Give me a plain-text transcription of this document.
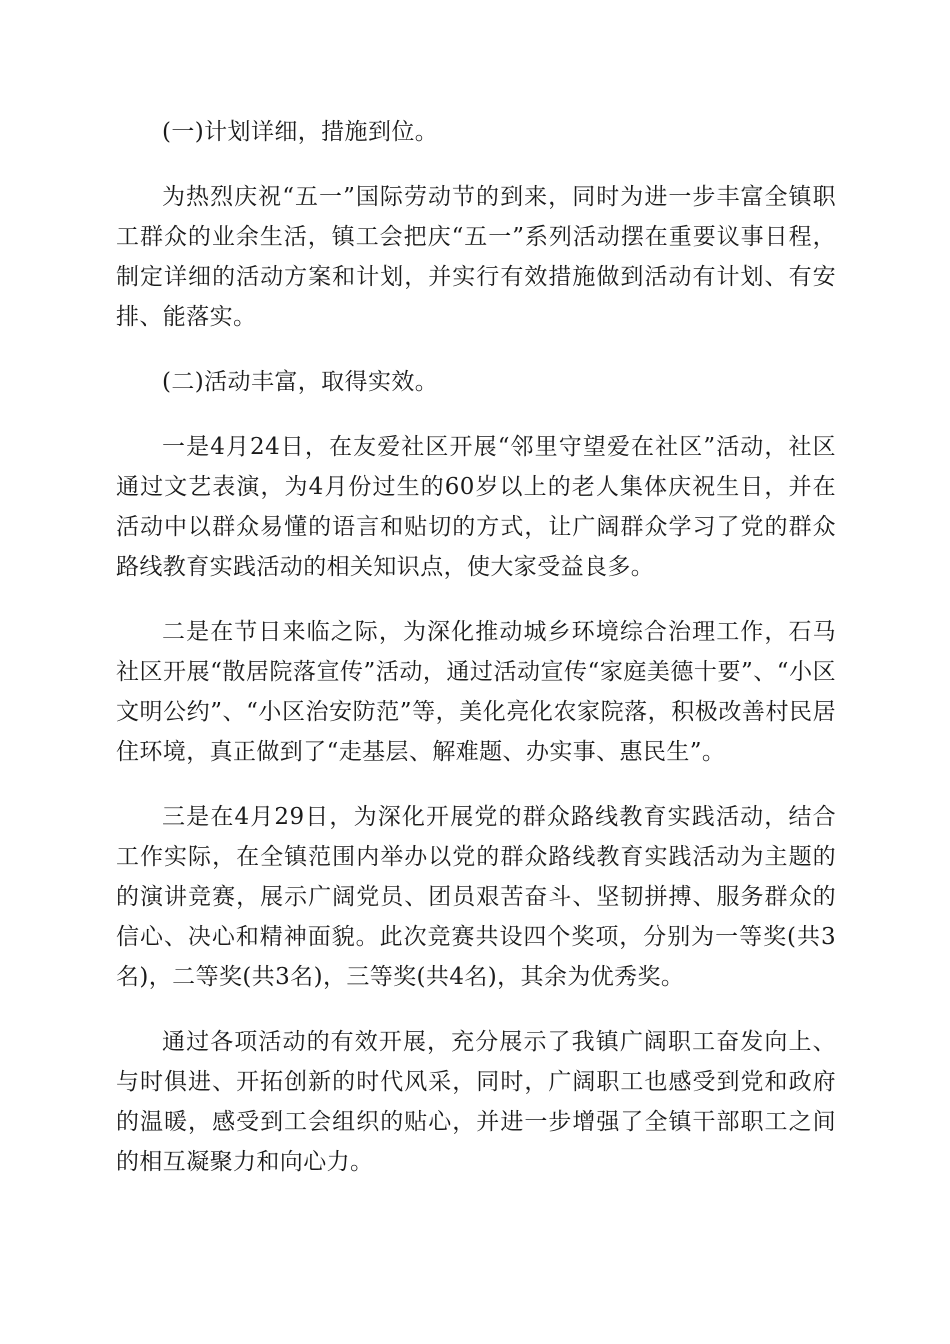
(一)计划详细，措施到位。

为热烈庆祝“五一”国际劳动节的到来，同时为进一步丰富全镇职工群众的业余生活，镇工会把庆“五一”系列活动摆在重要议事日程，制定详细的活动方案和计划，并实行有效措施做到活动有计划、有安排、能落实。

(二)活动丰富，取得实效。

一是4月24日，在友爱社区开展“邻里守望爱在社区”活动，社区通过文艺表演，为4月份过生的60岁以上的老人集体庆祝生日，并在活动中以群众易懂的语言和贴切的方式，让广阔群众学习了党的群众路线教育实践活动的相关知识点，使大家受益良多。

二是在节日来临之际，为深化推动城乡环境综合治理工作，石马社区开展“散居院落宣传”活动，通过活动宣传“家庭美德十要”、“小区文明公约”、“小区治安防范”等，美化亮化农家院落，积极改善村民居住环境，真正做到了“走基层、解难题、办实事、惠民生”。

三是在4月29日，为深化开展党的群众路线教育实践活动，结合工作实际，在全镇范围内举办以党的群众路线教育实践活动为主题的的演讲竞赛，展示广阔党员、团员艰苦奋斗、坚韧拼搏、服务群众的信心、决心和精神面貌。此次竞赛共设四个奖项，分别为一等奖(共3名)，二等奖(共3名)，三等奖(共4名)，其余为优秀奖。

通过各项活动的有效开展，充分展示了我镇广阔职工奋发向上、与时俱进、开拓创新的时代风采，同时，广阔职工也感受到党和政府的温暖，感受到工会组织的贴心，并进一步增强了全镇干部职工之间的相互凝聚力和向心力。
